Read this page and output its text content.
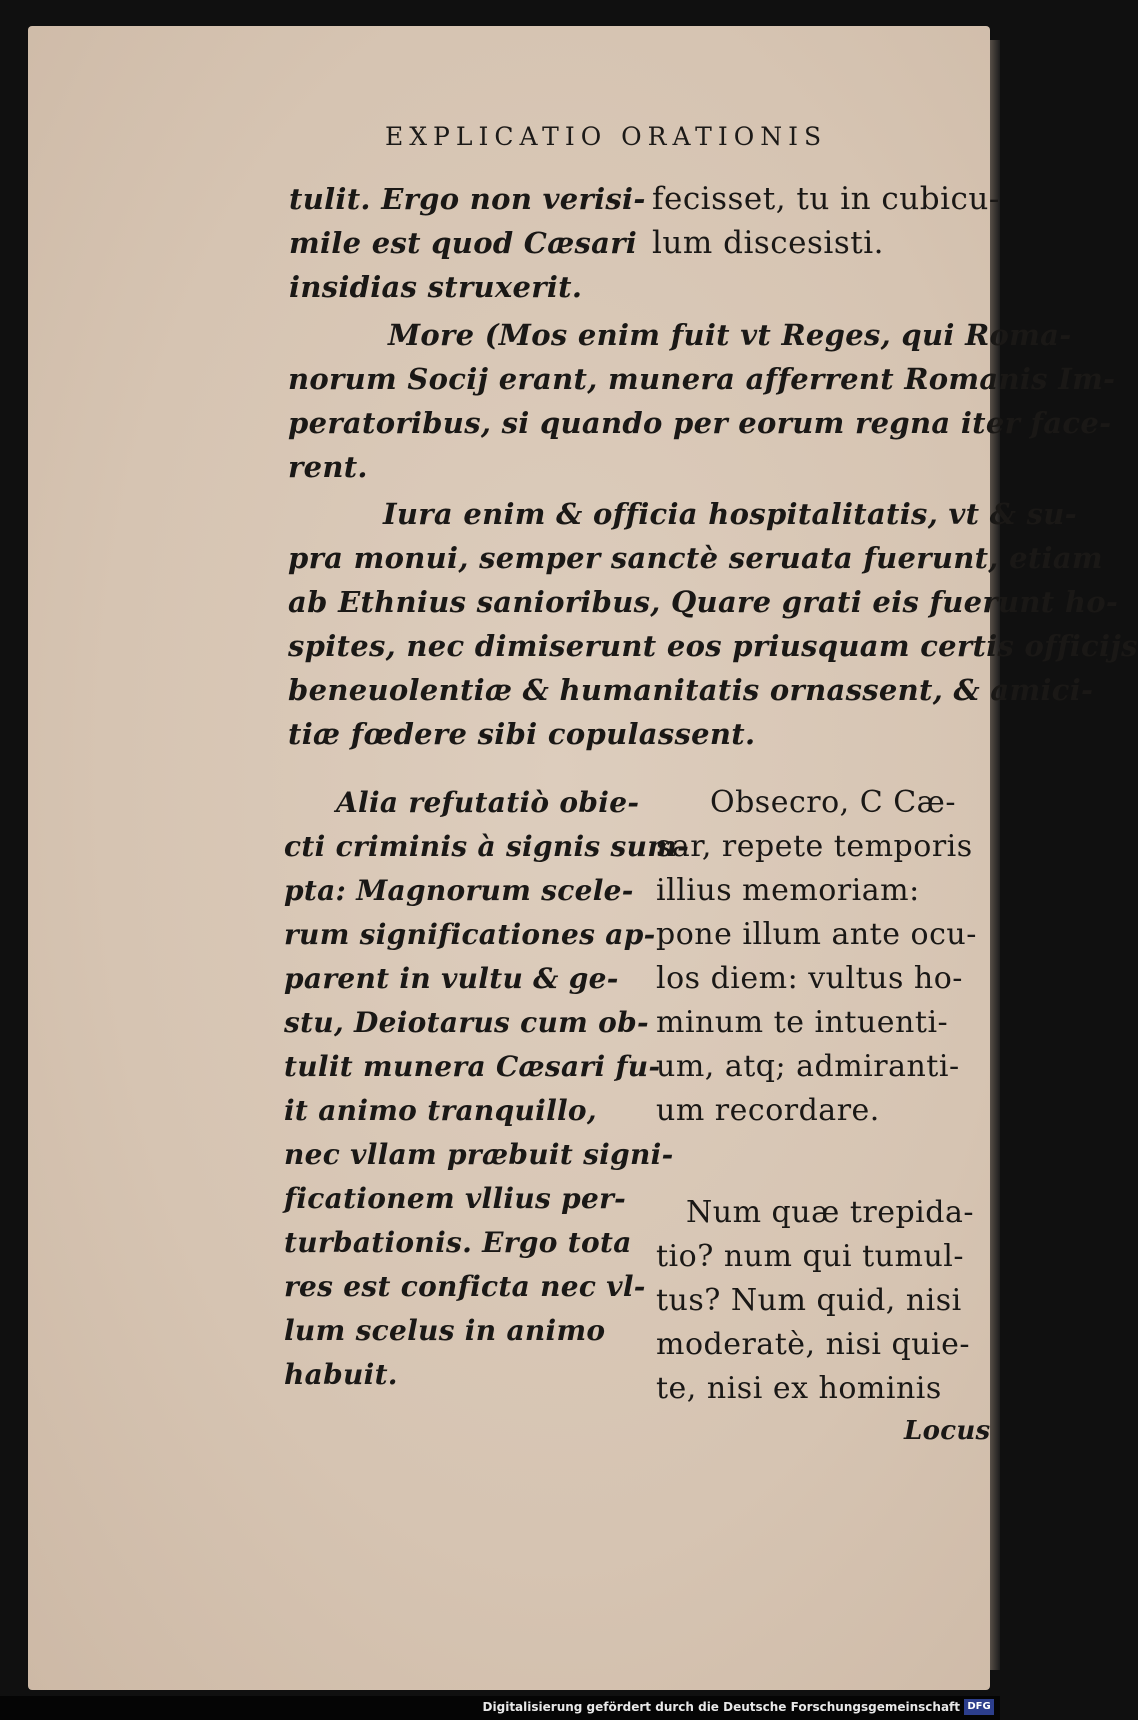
EXPLICATIO ORATIONIS
tulit. Ergo non verisi-
mile est quod Cæsari
insidias struxerit.
fecisset, tu in cubicu-
lum discesisti.
More (Mos enim fuit vt Reges, qui Roma-
norum Socij erant, munera afferrent Romanis Im-
peratoribus, si quando per eorum regna iter face-
rent.
Iura enim & officia hospitalitatis, vt & su-
pra monui, semper sanctè seruata fuerunt, etiam
ab Ethnius sanioribus, Quare grati eis fuerunt ho-
spites, nec dimiserunt eos priusquam certis officijs
beneuolentiæ & humanitatis ornassent, & amici-
tiæ fœdere sibi copulassent.
Alia refutatiò obie-
cti criminis à signis sum-
pta: Magnorum scele-
rum significationes ap-
parent in vultu & ge-
stu, Deiotarus cum ob-
tulit munera Cæsari fu-
it animo tranquillo,
nec vllam præbuit signi-
ficationem vllius per-
turbationis. Ergo tota
res est conficta nec vl-
lum scelus in animo
habuit.
Obsecro, C Cæ-
sar, repete temporis
illius memoriam:
pone illum ante ocu-
los diem: vultus ho-
minum te intuenti-
um, atq; admiranti-
um recordare.
Num quæ trepida-
tio? num qui tumul-
tus? Num quid, nisi
moderatè, nisi quie-
te, nisi ex hominis
Locus
Digitalisierung gefördert durch die Deutsche Forschungsgemeinschaft DFG
